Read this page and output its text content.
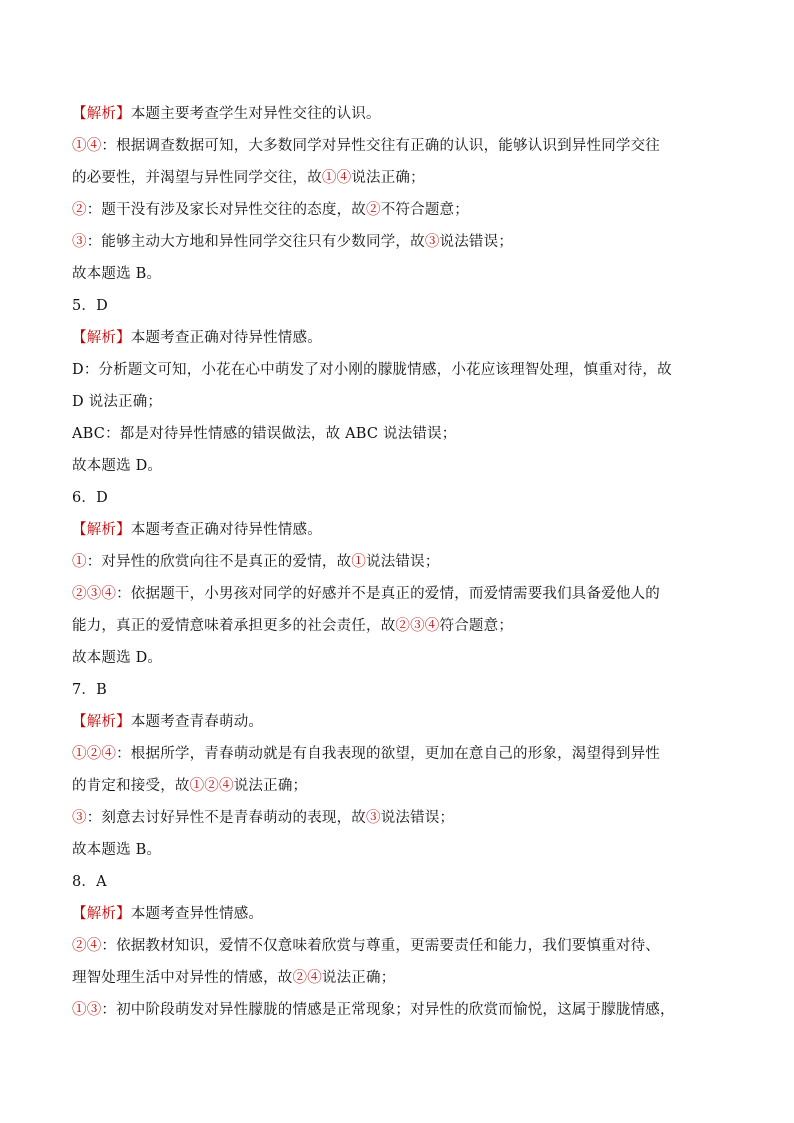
【解析】本题主要考查学生对异性交往的认识。
①④：根据调查数据可知，大多数同学对异性交往有正确的认识，能够认识到异性同学交往
的必要性，并渴望与异性同学交往，故①④说法正确；
②：题干没有涉及家长对异性交往的态度，故②不符合题意；
③：能够主动大方地和异性同学交往只有少数同学，故③说法错误；
故本题选 B。
5．D
【解析】本题考查正确对待异性情感。
D：分析题文可知，小花在心中萌发了对小刚的朦胧情感，小花应该理智处理，慎重对待，故
D 说法正确；
ABC：都是对待异性情感的错误做法，故 ABC 说法错误；
故本题选 D。
6．D
【解析】本题考查正确对待异性情感。
①：对异性的欣赏向往不是真正的爱情，故①说法错误；
②③④：依据题干，小男孩对同学的好感并不是真正的爱情，而爱情需要我们具备爱他人的
能力，真正的爱情意味着承担更多的社会责任，故②③④符合题意；
故本题选 D。
7．B
【解析】本题考查青春萌动。
①②④：根据所学，青春萌动就是有自我表现的欲望，更加在意自己的形象，渴望得到异性
的肯定和接受，故①②④说法正确；
③：刻意去讨好异性不是青春萌动的表现，故③说法错误；
故本题选 B。
8．A
【解析】本题考查异性情感。
②④：依据教材知识，爱情不仅意味着欣赏与尊重，更需要责任和能力，我们要慎重对待、
理智处理生活中对异性的情感，故②④说法正确；
①③：初中阶段萌发对异性朦胧的情感是正常现象；对异性的欣赏而愉悦，这属于朦胧情感，
